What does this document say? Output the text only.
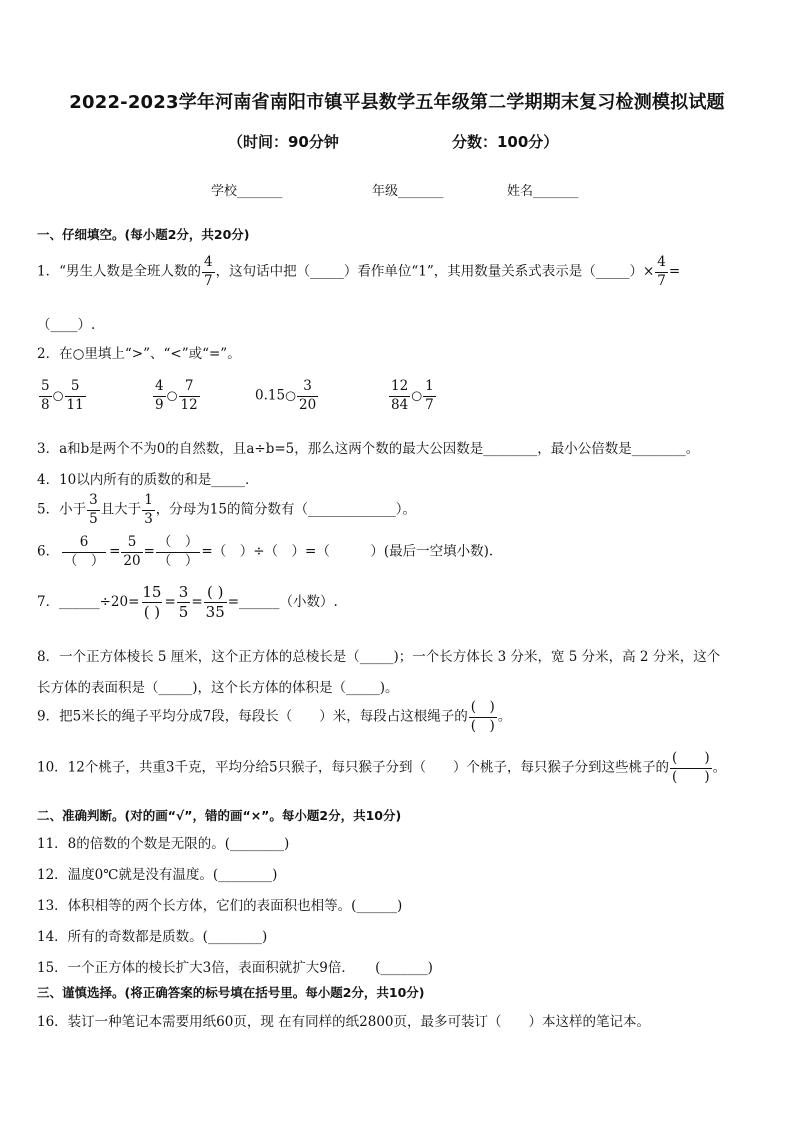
2022-2023学年河南省南阳市镇平县数学五年级第二学期期末复习检测模拟试题
（时间：90分钟	分数：100分）
学校_______	年级_______	姓名_______
一、仔细填空。(每小题2分，共20分)
1．“男生人数是全班人数的 $\frac{4}{7}$ ，这句话中把（_____）看作单位“1”，其用数量关系式表示是（_____）× $\frac{4}{7}$ =
（____）.
2．在○里填上“>”、“<”或“=”。
$\frac{5}{8}$ ○ $\frac{5}{11}$	$\frac{4}{9}$ ○ $\frac{7}{12}$	0.15○ $\frac{3}{20}$	$\frac{12}{84}$ ○ $\frac{1}{7}$
3．a和b是两个不为0的自然数，且a÷b=5，那么这两个数的最大公因数是________，最小公倍数是________。
4．10以内所有的质数的和是_____．
5．小于 $\frac{3}{5}$ 且大于 $\frac{1}{3}$ ，分母为15的简分数有（_____________）。
6． $\frac{6}{( )} = \frac{5}{20} = \frac{( )}{( )}$ =（　）÷（　）=（　　　）(最后一空填小数).
7．______÷20= $\frac{15}{( )} = \frac{3}{5} = \frac{( )}{35}$ =______（小数）.
8．一个正方体棱长 5 厘米，这个正方体的总棱长是（_____)；一个长方体长 3 分米，宽 5 分米，高 2 分米，这个
长方体的表面积是（_____)，这个长方体的体积是（_____)。
9．把5米长的绳子平均分成7段，每段长（　　）米，每段占这根绳子的 $\frac{( )}{( )}$ 。
10．12个桃子，共重3千克，平均分给5只猴子，每只猴子分到（　　）个桃子，每只猴子分到这些桃子的 $\frac{( )}{( )}$ 。
二、准确判断。(对的画“√”，错的画“×”。每小题2分，共10分)
11．8的倍数的个数是无限的。(________)
12．温度0℃就是没有温度。(________)
13．体积相等的两个长方体，它们的表面积也相等。(______)
14．所有的奇数都是质数。(________)
15．一个正方体的棱长扩大3倍，表面积就扩大9倍．　　(_______)
三、谨慎选择。(将正确答案的标号填在括号里。每小题2分，共10分)
16．装订一种笔记本需要用纸60页，现 在有同样的纸2800页，最多可装订（　　）本这样的笔记本。
